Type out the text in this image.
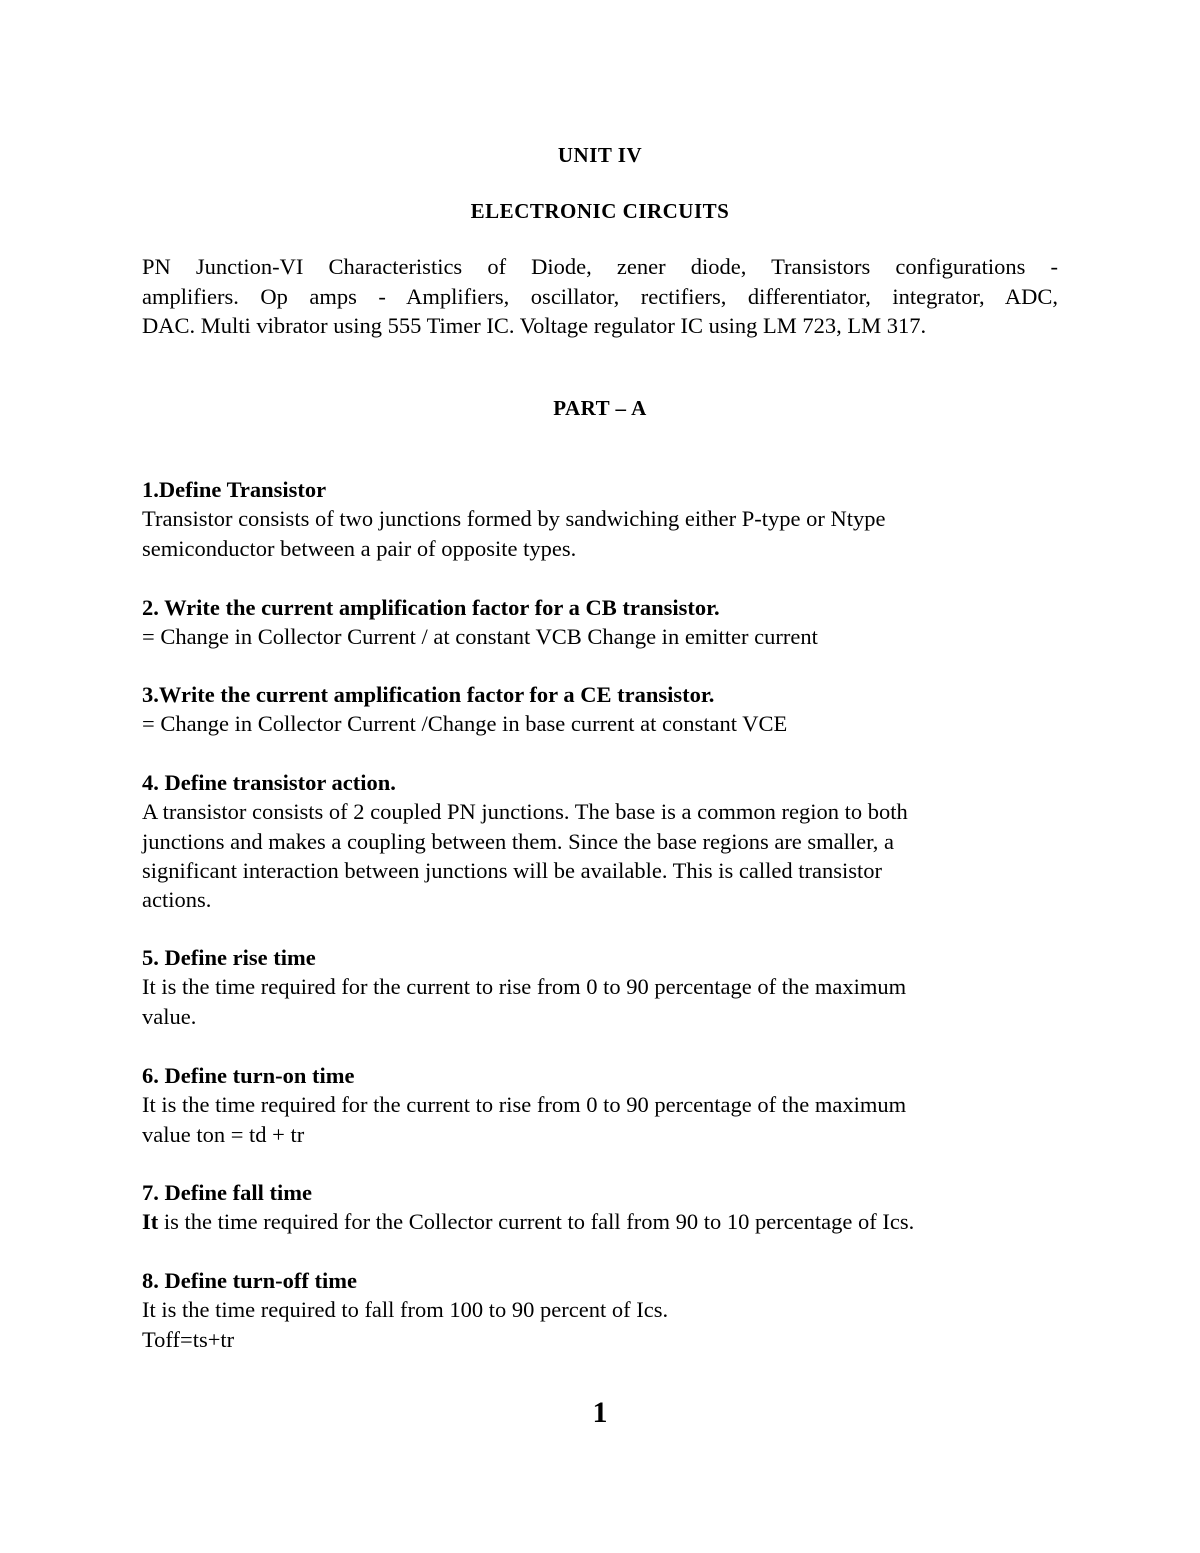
UNIT IV
ELECTRONIC CIRCUITS
PN Junction-VI Characteristics of Diode, zener diode, Transistors configurations -
amplifiers. Op amps - Amplifiers, oscillator, rectifiers, differentiator, integrator, ADC,
DAC. Multi vibrator using 555 Timer IC. Voltage regulator IC using LM 723, LM 317.
PART – A
1.Define Transistor
Transistor consists of two junctions formed by sandwiching either P-type or Ntype
semiconductor between a pair of opposite types.
2. Write the current amplification factor for a CB transistor.
= Change in Collector Current / at constant VCB Change in emitter current
3.Write the current amplification factor for a CE transistor.
= Change in Collector Current /Change in base current at constant VCE
4. Define transistor action.
A transistor consists of 2 coupled PN junctions. The base is a common region to both
junctions and makes a coupling between them. Since the base regions are smaller, a
significant interaction between junctions will be available. This is called transistor
actions.
5. Define rise time
It is the time required for the current to rise from 0 to 90 percentage of the maximum
value.
6. Define turn-on time
It is the time required for the current to rise from 0 to 90 percentage of the maximum
value ton = td + tr
7. Define fall time
It is the time required for the Collector current to fall from 90 to 10 percentage of Ics.
8. Define turn-off time
It is the time required to fall from 100 to 90 percent of Ics.
Toff=ts+tr
1
